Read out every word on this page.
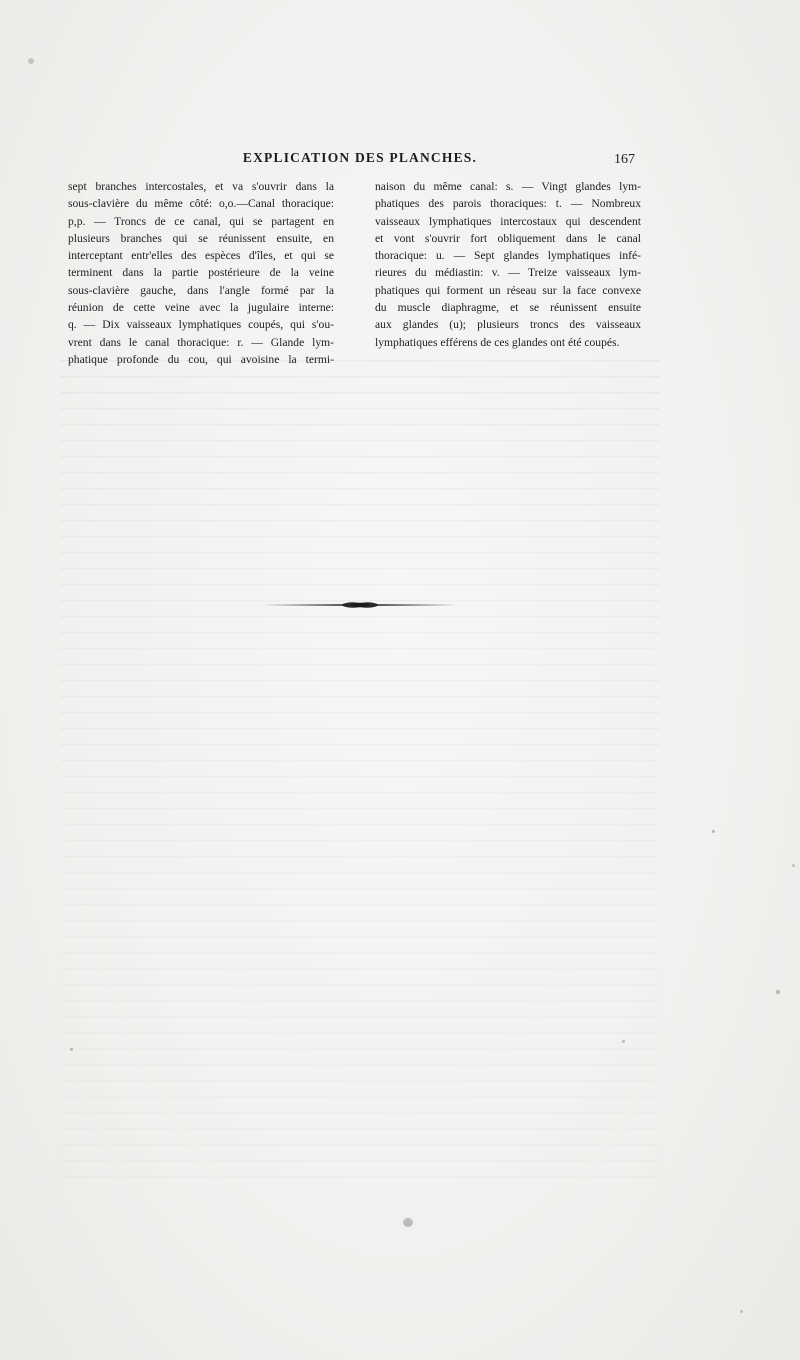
EXPLICATION DES PLANCHES.	167
sept branches intercostales, et va s'ouvrir dans la
sous-clavière du même côté: o,o.—Canal thoracique:
p,p. — Troncs de ce canal, qui se partagent en
plusieurs branches qui se réunissent ensuite, en
interceptant entr'elles des espèces d'îles, et qui se
terminent dans la partie postérieure de la veine
sous-clavière gauche, dans l'angle formé par la
réunion de cette veine avec la jugulaire interne:
q. — Dix vaisseaux lymphatiques coupés, qui s'ou-
vrent dans le canal thoracique: r. — Glande lym-
phatique profonde du cou, qui avoisine la termi-
naison du même canal: s. — Vingt glandes lym-
phatiques des parois thoraciques: t. — Nombreux
vaisseaux lymphatiques intercostaux qui descendent
et vont s'ouvrir fort obliquement dans le canal
thoracique: u. — Sept glandes lymphatiques infé-
rieures du médiastin: v. — Treize vaisseaux lym-
phatiques qui forment un réseau sur la face convexe
du muscle diaphragme, et se réunissent ensuite
aux glandes (u); plusieurs troncs des vaisseaux
lymphatiques efférens de ces glandes ont été coupés.
